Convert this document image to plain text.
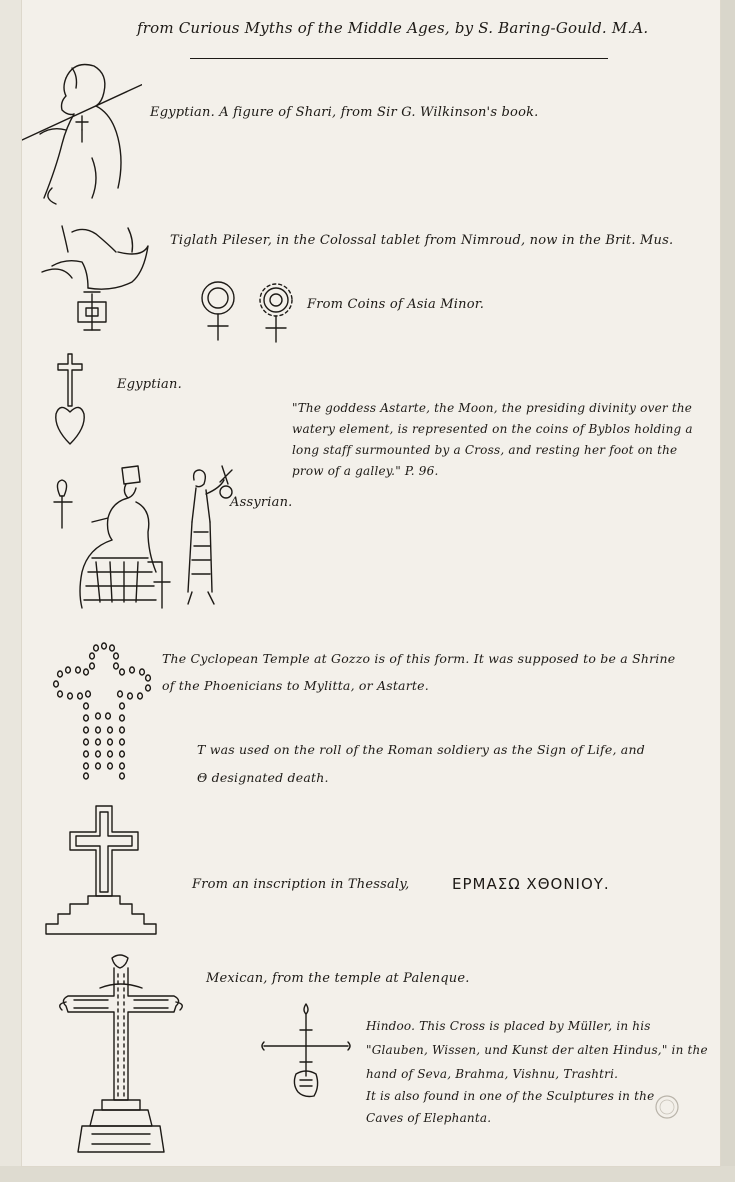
from Curious Myths of the Middle Ages, by S. Baring-Gould. M.A.
Egyptian. A figure of Shari, from Sir G. Wilkinson's book.
Tiglath Pileser, in the Colossal tablet from Nimroud, now in the Brit. Mus.
From Coins of Asia Minor.
Egyptian.
"The goddess Astarte, the Moon, the presiding divinity over the watery element, is represented on the coins of Byblos holding a long staff surmounted by a Cross, and resting her foot on the prow of a galley." P. 96.
Assyrian.
The Cyclopean Temple at Gozzo is of this form. It was supposed to be a Shrine
of the Phoenicians to Mylitta, or Astarte.
T was used on the roll of the Roman soldiery as the Sign of Life, and
Θ designated death.
From an inscription in Thessaly,	ΕΡΜΑΣΩ ΧΘΟΝΙΟΥ.
Mexican, from the temple at Palenque.
Hindoo. This Cross is placed by Müller, in his
"Glauben, Wissen, und Kunst der alten Hindus," in the
hand of Seva, Brahma, Vishnu, Trashtri.
It is also found in one of the Sculptures in the
Caves of Elephanta.
